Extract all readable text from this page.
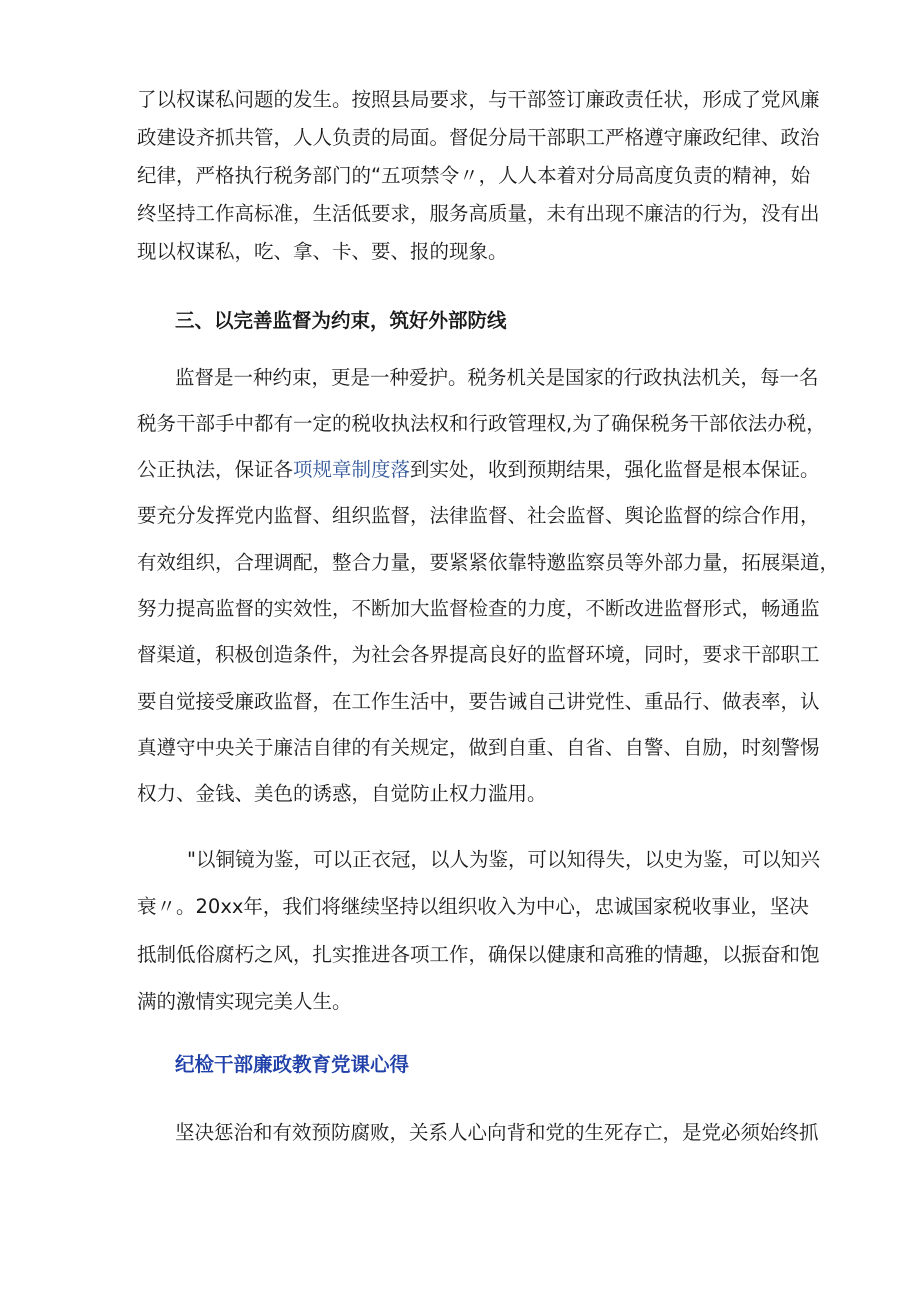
了以权谋私问题的发生。按照县局要求，与干部签订廉政责任状，形成了党风廉
政建设齐抓共管，人人负责的局面。督促分局干部职工严格遵守廉政纪律、政治
纪律，严格执行税务部门的“五项禁令〃，人人本着对分局高度负责的精神，始
终坚持工作高标准，生活低要求，服务高质量，未有出现不廉洁的行为，没有出
现以权谋私，吃、拿、卡、要、报的现象。
三、以完善监督为约束，筑好外部防线
监督是一种约束，更是一种爱护。税务机关是国家的行政执法机关，每一名
税务干部手中都有一定的税收执法权和行政管理权,为了确保税务干部依法办税，
公正执法，保证各项规章制度落到实处，收到预期结果，强化监督是根本保证。
要充分发挥党内监督、组织监督，法律监督、社会监督、舆论监督的综合作用，
有效组织，合理调配，整合力量，要紧紧依靠特邀监察员等外部力量，拓展渠道，
努力提高监督的实效性，不断加大监督检查的力度，不断改进监督形式，畅通监
督渠道，积极创造条件，为社会各界提高良好的监督环境，同时，要求干部职工
要自觉接受廉政监督，在工作生活中，要告诫自己讲党性、重品行、做表率，认
真遵守中央关于廉洁自律的有关规定，做到自重、自省、自警、自励，时刻警惕
权力、金钱、美色的诱惑，自觉防止权力滥用。
"以铜镜为鉴，可以正衣冠，以人为鉴，可以知得失，以史为鉴，可以知兴
衰〃。20xx年，我们将继续坚持以组织收入为中心，忠诚国家税收事业，坚决
抵制低俗腐朽之风，扎实推进各项工作，确保以健康和高雅的情趣，以振奋和饱
满的激情实现完美人生。
纪检干部廉政教育党课心得
坚决惩治和有效预防腐败，关系人心向背和党的生死存亡，是党必须始终抓
